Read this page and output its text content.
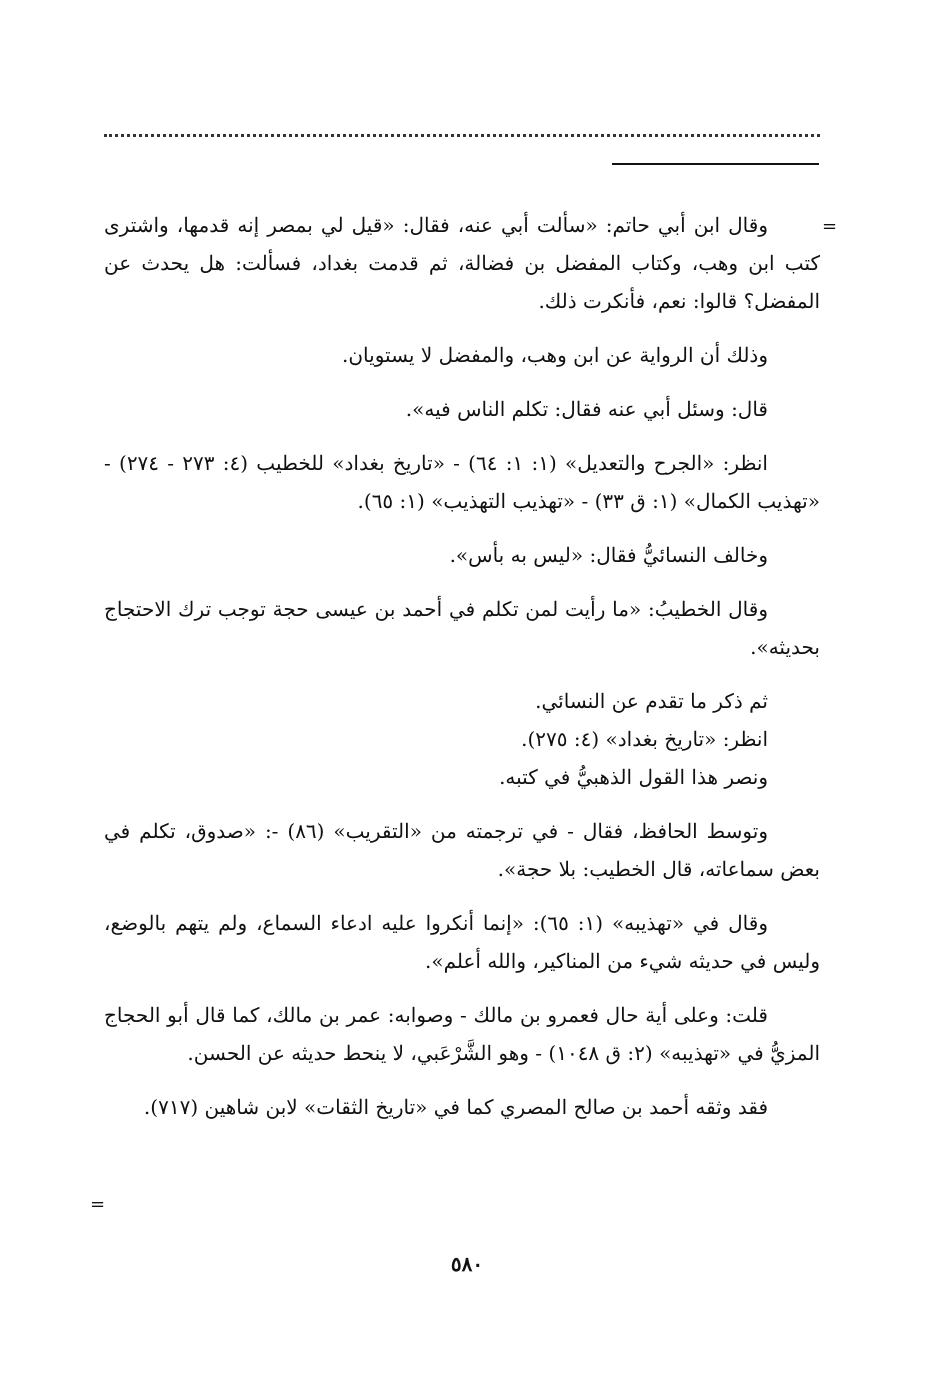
=

وقال ابن أبي حاتم: «سألت أبي عنه، فقال: «قيل لي بمصر إنه قدمها، واشترى كتب ابن وهب، وكتاب المفضل بن فضالة، ثم قدمت بغداد، فسألت: هل يحدث عن المفضل؟ قالوا: نعم، فأنكرت ذلك.

وذلك أن الرواية عن ابن وهب، والمفضل لا يستويان.

قال: وسئل أبي عنه فقال: تكلم الناس فيه».

انظر: «الجرح والتعديل» (١: ١: ٦٤) - «تاريخ بغداد» للخطيب (٤: ٢٧٣ - ٢٧٤) - «تهذيب الكمال» (١: ق ٣٣) - «تهذيب التهذيب» (١: ٦٥).

وخالف النسائيُّ فقال: «ليس به بأس».

وقال الخطيبُ: «ما رأيت لمن تكلم في أحمد بن عيسى حجة توجب ترك الاحتجاج بحديثه».

ثم ذكر ما تقدم عن النسائي.

انظر: «تاريخ بغداد» (٤: ٢٧٥).

ونصر هذا القول الذهبيُّ في كتبه.

وتوسط الحافظ، فقال - في ترجمته من «التقريب» (٨٦) -: «صدوق، تكلم في بعض سماعاته، قال الخطيب: بلا حجة».

وقال في «تهذيبه» (١: ٦٥): «إنما أنكروا عليه ادعاء السماع، ولم يتهم بالوضع، وليس في حديثه شيء من المناكير، والله أعلم».

قلت: وعلى أية حال فعمرو بن مالك - وصوابه: عمر بن مالك، كما قال أبو الحجاج المزيُّ في «تهذيبه» (٢: ق ١٠٤٨) - وهو الشَّرْعَبي، لا ينحط حديثه عن الحسن.

فقد وثقه أحمد بن صالح المصري كما في «تاريخ الثقات» لابن شاهين (٧١٧).

=
٥٨٠
